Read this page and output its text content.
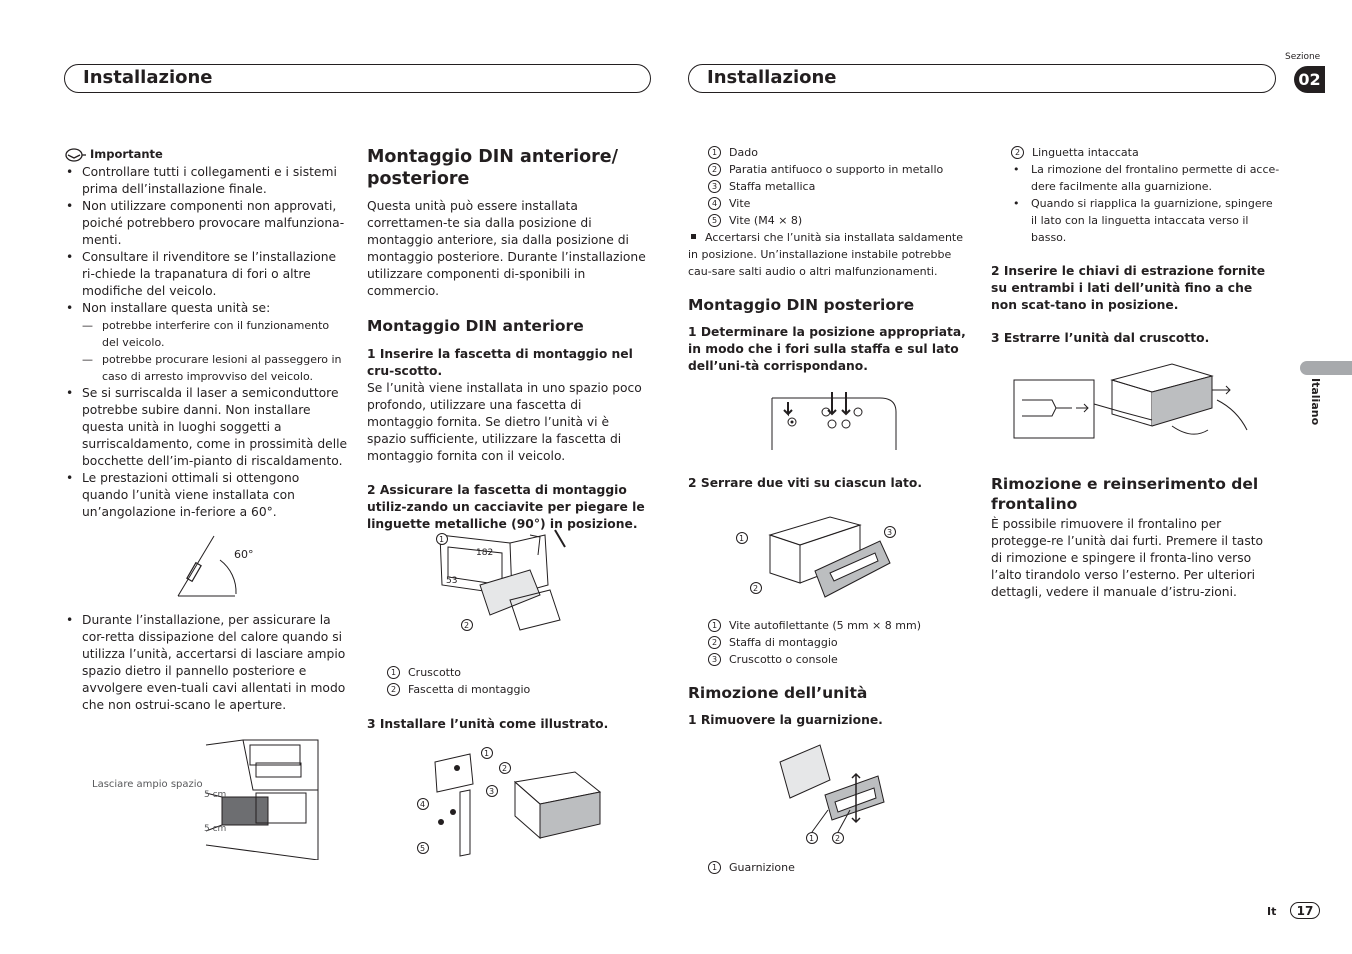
Installazione	Installazione
Sezione
02
Italiano
Importante
• Controllare tutti i collegamenti e i sistemi prima dell’installazione finale.
• Non utilizzare componenti non approvati, poiché potrebbero provocare malfunziona-menti.
• Consultare il rivenditore se l’installazione ri-chiede la trapanatura di fori o altre modifiche del veicolo.
• Non installare questa unità se:
— potrebbe interferire con il funzionamento del veicolo.
— potrebbe procurare lesioni al passeggero in caso di arresto improvviso del veicolo.
• Se si surriscalda il laser a semiconduttore potrebbe subire danni. Non installare questa unità in luoghi soggetti a surriscaldamento, come in prossimità delle bocchette dell’im-pianto di riscaldamento.
• Le prestazioni ottimali si ottengono quando l’unità viene installata con un’angolazione in-feriore a 60°.
60°
• Durante l’installazione, per assicurare la cor-retta dissipazione del calore quando si utilizza l’unità, accertarsi di lasciare ampio spazio dietro il pannello posteriore e avvolgere even-tuali cavi allentati in modo che non ostrui-scano le aperture.
Lasciare ampio spazio
5 cm
5 cm

Montaggio DIN anteriore/ posteriore

Questa unità può essere installata correttamen-te sia dalla posizione di montaggio anteriore, sia dalla posizione di montaggio posteriore. Durante l’installazione utilizzare componenti di-sponibili in commercio.

Montaggio DIN anteriore

1 Inserire la fascetta di montaggio nel cru-scotto.

Se l’unità viene installata in uno spazio poco profondo, utilizzare una fascetta di montaggio fornita. Se dietro l’unità vi è spazio sufficiente, utilizzare la fascetta di montaggio fornita con il veicolo.

2 Assicurare la fascetta di montaggio utiliz-zando un cacciavite per piegare le linguette metalliche (90°) in posizione.

182
53
1
2
1 Cruscotto
2 Fascetta di montaggio
3 Installare l’unità come illustrato.
1
2
3
4
5
1 Dado
2 Paratia antifuoco o supporto in metallo
3 Staffa metallica
4 Vite
5 Vite (M4 × 8)

Accertarsi che l’unità sia installata saldamente in posizione. Un’installazione instabile potrebbe cau-sare salti audio o altri malfunzionamenti.

Montaggio DIN posteriore

1 Determinare la posizione appropriata, in modo che i fori sulla staffa e sul lato dell’uni-tà corrispondano.

2 Serrare due viti su ciascun lato.
1
2
3
1 Vite autofilettante (5 mm × 8 mm)
2 Staffa di montaggio
3 Cruscotto o console

Rimozione dell’unità

1 Rimuovere la guarnizione.

1	2
1 Guarnizione
2 Linguetta intaccata
• La rimozione del frontalino permette di acce-dere facilmente alla guarnizione.
• Quando si riapplica la guarnizione, spingere il lato con la linguetta intaccata verso il basso.

2 Inserire le chiavi di estrazione fornite su entrambi i lati dell’unità fino a che non scat-tano in posizione.

3 Estrarre l’unità dal cruscotto.

Rimozione e reinserimento del frontalino

È possibile rimuovere il frontalino per protegge-re l’unità dai furti. Premere il tasto di rimozione e spingere il fronta-lino verso l’alto tirandolo verso l’esterno. Per ulteriori dettagli, vedere il manuale d’istru-zioni.

It	17
